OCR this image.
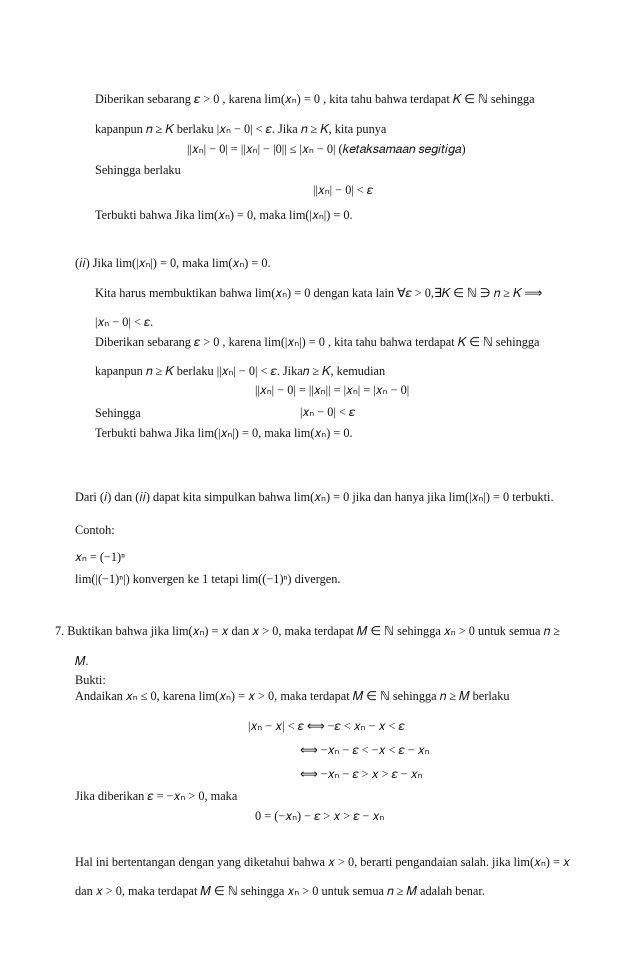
Diberikan sebarang 𝜀 > 0 , karena lim(𝑥ₙ) = 0 , kita tahu bahwa terdapat 𝐾 ∈ ℕ sehingga
kapanpun 𝑛 ≥ 𝐾 berlaku |𝑥ₙ − 0| < 𝜀. Jika 𝑛 ≥ 𝐾, kita punya
||𝑥ₙ| − 0| = ||𝑥ₙ| − |0|| ≤ |𝑥ₙ − 0| (𝑘𝑒𝑡𝑎𝑘𝑠𝑎𝑚𝑎𝑎𝑛 𝑠𝑒𝑔𝑖𝑡𝑖𝑔𝑎)
Sehingga berlaku
||𝑥ₙ| − 0| < 𝜀
Terbukti bahwa Jika lim(𝑥ₙ) = 0, maka lim(|𝑥ₙ|) = 0.
(𝑖𝑖) Jika lim(|𝑥ₙ|) = 0, maka lim(𝑥ₙ) = 0.
Kita harus membuktikan bahwa lim(𝑥ₙ) = 0 dengan kata lain ∀𝜀 > 0,∃𝐾 ∈ ℕ ∋ 𝑛 ≥ 𝐾 ⟹
|𝑥ₙ − 0| < 𝜀.
Diberikan sebarang 𝜀 > 0 , karena lim(|𝑥ₙ|) = 0 , kita tahu bahwa terdapat 𝐾 ∈ ℕ sehingga
kapanpun 𝑛 ≥ 𝐾 berlaku ||𝑥ₙ| − 0| < 𝜀. Jika𝑛 ≥ 𝐾, kemudian
||𝑥ₙ| − 0| = ||𝑥ₙ|| = |𝑥ₙ| = |𝑥ₙ − 0|
Sehingga	|𝑥ₙ − 0| < 𝜀
Terbukti bahwa Jika lim(|𝑥ₙ|) = 0, maka lim(𝑥ₙ) = 0.
Dari (𝑖) dan (𝑖𝑖) dapat kita simpulkan bahwa lim(𝑥ₙ) = 0 jika dan hanya jika lim(|𝑥ₙ|) = 0 terbukti.
Contoh:
𝑥ₙ = (−1)ⁿ
lim(|(−1)ⁿ|) konvergen ke 1 tetapi lim((−1)ⁿ) divergen.
7. Buktikan bahwa jika lim(𝑥ₙ) = 𝑥 dan 𝑥 > 0, maka terdapat 𝑀 ∈ ℕ sehingga 𝑥ₙ > 0 untuk semua 𝑛 ≥
𝑀.
Bukti:
Andaikan 𝑥ₙ ≤ 0, karena lim(𝑥ₙ) = 𝑥 > 0, maka terdapat 𝑀 ∈ ℕ sehingga 𝑛 ≥ 𝑀 berlaku
|𝑥ₙ − 𝑥| < 𝜀 ⟺ −𝜀 < 𝑥ₙ − 𝑥 < 𝜀
⟺ −𝑥ₙ − 𝜀 < −𝑥 < 𝜀 − 𝑥ₙ
⟺ −𝑥ₙ − 𝜀 > 𝑥 > 𝜀 − 𝑥ₙ
Jika diberikan 𝜀 = −𝑥ₙ > 0, maka
0 = (−𝑥ₙ) − 𝜀 > 𝑥 > 𝜀 − 𝑥ₙ
Hal ini bertentangan dengan yang diketahui bahwa 𝑥 > 0, berarti pengandaian salah. jika lim(𝑥ₙ) = 𝑥
dan 𝑥 > 0, maka terdapat 𝑀 ∈ ℕ sehingga 𝑥ₙ > 0 untuk semua 𝑛 ≥ 𝑀 adalah benar.
